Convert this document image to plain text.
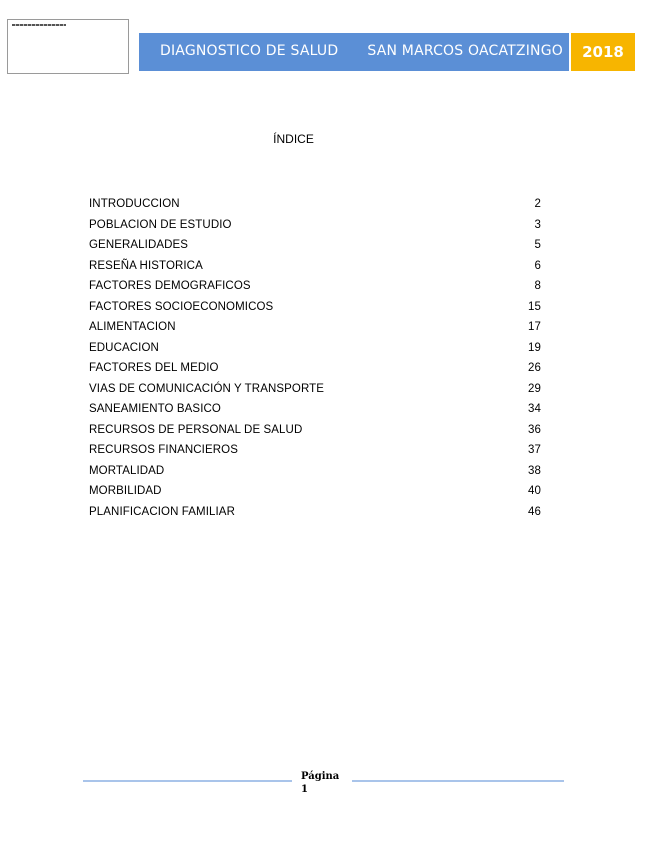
DIAGNOSTICO DE SALUD SAN MARCOS OACATZINGO	2018
ÍNDICE
INTRODUCCION	2
POBLACION DE ESTUDIO	3
GENERALIDADES	5
RESEÑA HISTORICA	6
FACTORES DEMOGRAFICOS	8
FACTORES SOCIOECONOMICOS	15
ALIMENTACION	17
EDUCACION	19
FACTORES DEL MEDIO	26
VIAS DE COMUNICACIÓN Y TRANSPORTE	29
SANEAMIENTO BASICO	34
RECURSOS DE PERSONAL DE SALUD	36
RECURSOS FINANCIEROS	37
MORTALIDAD	38
MORBILIDAD	40
PLANIFICACION FAMILIAR	46
Página
1
